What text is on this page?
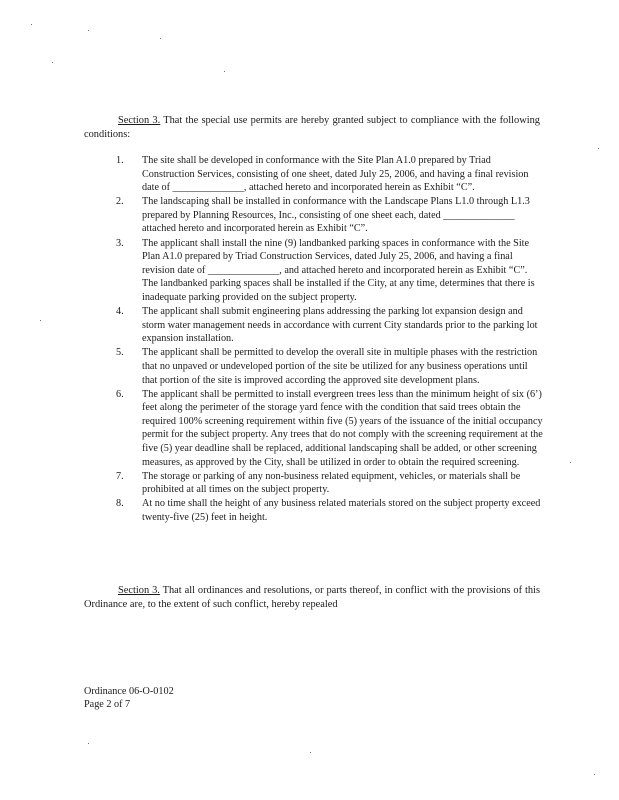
Section 3. That the special use permits are hereby granted subject to compliance with the following conditions:
1. The site shall be developed in conformance with the Site Plan A1.0 prepared by Triad Construction Services, consisting of one sheet, dated July 25, 2006, and having a final revision date of ______________, attached hereto and incorporated herein as Exhibit “C”.
2. The landscaping shall be installed in conformance with the Landscape Plans L1.0 through L1.3 prepared by Planning Resources, Inc., consisting of one sheet each, dated ______________ attached hereto and incorporated herein as Exhibit “C”.
3. The applicant shall install the nine (9) landbanked parking spaces in conformance with the Site Plan A1.0 prepared by Triad Construction Services, dated July 25, 2006, and having a final revision date of ______________, and attached hereto and incorporated herein as Exhibit “C”. The landbanked parking spaces shall be installed if the City, at any time, determines that there is inadequate parking provided on the subject property.
4. The applicant shall submit engineering plans addressing the parking lot expansion design and storm water management needs in accordance with current City standards prior to the parking lot expansion installation.
5. The applicant shall be permitted to develop the overall site in multiple phases with the restriction that no unpaved or undeveloped portion of the site be utilized for any business operations until that portion of the site is improved according the approved site development plans.
6. The applicant shall be permitted to install evergreen trees less than the minimum height of six (6’) feet along the perimeter of the storage yard fence with the condition that said trees obtain the required 100% screening requirement within five (5) years of the issuance of the initial occupancy permit for the subject property. Any trees that do not comply with the screening requirement at the five (5) year deadline shall be replaced, additional landscaping shall be added, or other screening measures, as approved by the City, shall be utilized in order to obtain the required screening.
7. The storage or parking of any non-business related equipment, vehicles, or materials shall be prohibited at all times on the subject property.
8. At no time shall the height of any business related materials stored on the subject property exceed twenty-five (25) feet in height.
Section 3. That all ordinances and resolutions, or parts thereof, in conflict with the provisions of this Ordinance are, to the extent of such conflict, hereby repealed
Ordinance 06-O-0102
Page 2 of 7
